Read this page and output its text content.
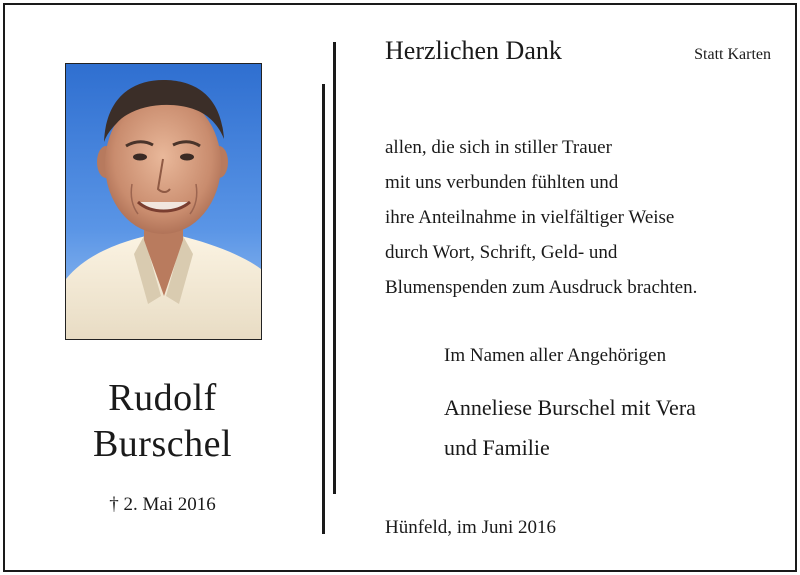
Rudolf
Burschel
† 2. Mai 2016
Herzlichen Dank	Statt Karten
allen, die sich in stiller Trauer
mit uns verbunden fühlten und
ihre Anteilnahme in vielfältiger Weise
durch Wort, Schrift, Geld- und
Blumenspenden zum Ausdruck brachten.
Im Namen aller Angehörigen
Anneliese Burschel mit Vera
und Familie
Hünfeld, im Juni 2016
